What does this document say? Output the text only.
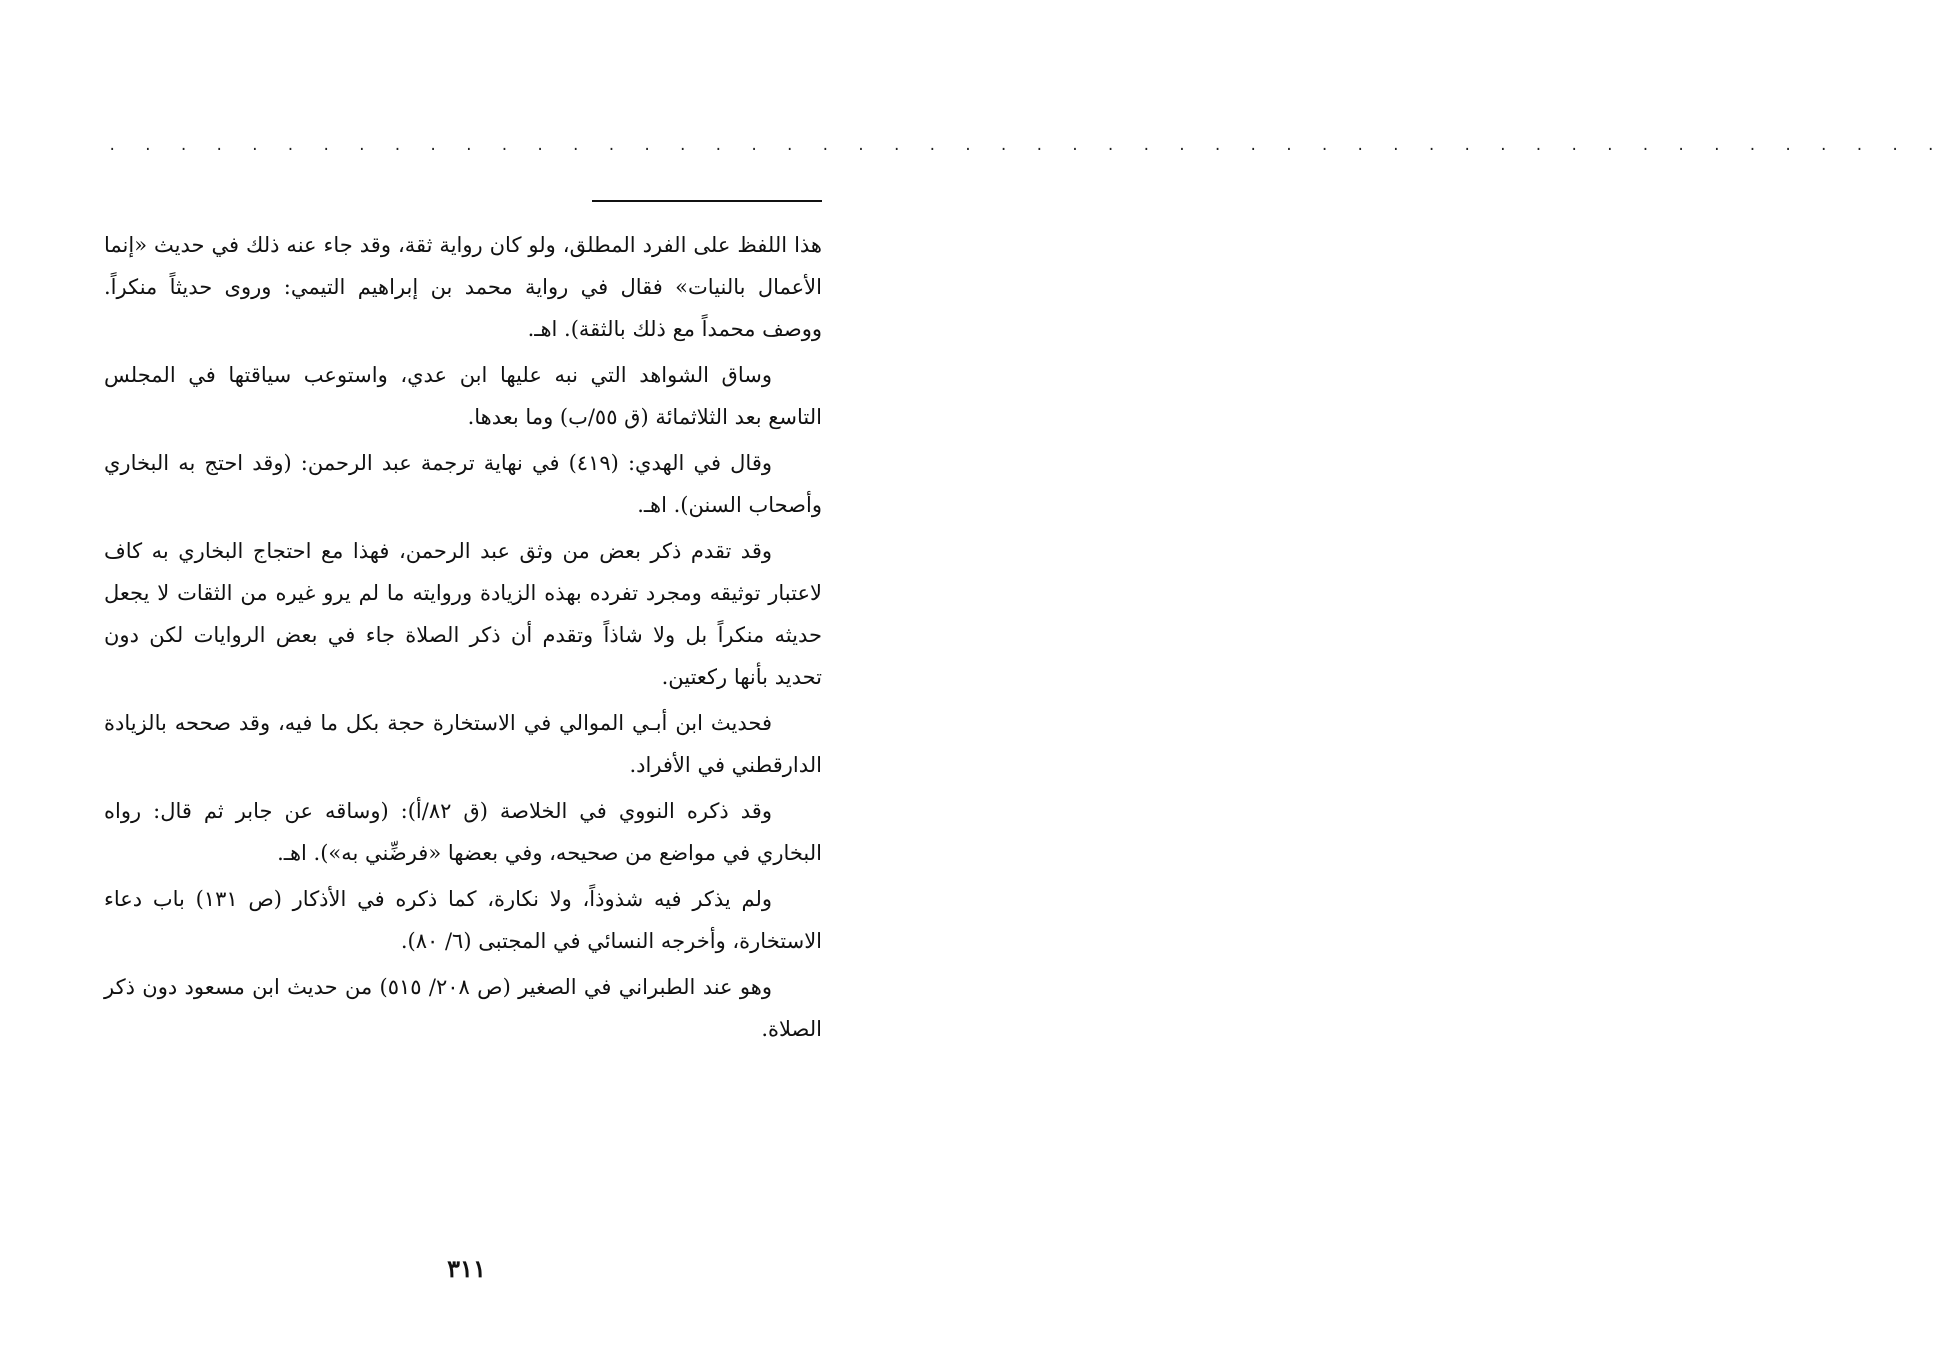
. . . . . . . . . . . . . . . . . . . . . . . . . . . . . . . . . . . . . . . . . . . . . . . . . . . .

هذا اللفظ على الفرد المطلق، ولو كان رواية ثقة، وقد جاء عنه ذلك في حديث «إنما الأعمال بالنيات» فقال في رواية محمد بن إبراهيم التيمي: وروى حديثاً منكراً. ووصف محمداً مع ذلك بالثقة). اهـ.

وساق الشواهد التي نبه عليها ابن عدي، واستوعب سياقتها في المجلس التاسع بعد الثلاثمائة (ق ٥٥/ب) وما بعدها.

وقال في الهدي: (٤١٩) في نهاية ترجمة عبد الرحمن: (وقد احتج به البخاري وأصحاب السنن). اهـ.

وقد تقدم ذكر بعض من وثق عبد الرحمن، فهذا مع احتجاج البخاري به كاف لاعتبار توثيقه ومجرد تفرده بهذه الزيادة وروايته ما لم يرو غيره من الثقات لا يجعل حديثه منكراً بل ولا شاذاً وتقدم أن ذكر الصلاة جاء في بعض الروايات لكن دون تحديد بأنها ركعتين.

فحديث ابن أبـي الموالي في الاستخارة حجة بكل ما فيه، وقد صححه بالزيادة الدارقطني في الأفراد.

وقد ذكره النووي في الخلاصة (ق ٨٢/أ): (وساقه عن جابر ثم قال: رواه البخاري في مواضع من صحيحه، وفي بعضها «فرضِّني به»). اهـ.

ولم يذكر فيه شذوذاً، ولا نكارة، كما ذكره في الأذكار (ص ١٣١) باب دعاء الاستخارة، وأخرجه النسائي في المجتبى (٦/ ٨٠).

وهو عند الطبراني في الصغير (ص ٢٠٨/ ٥١٥) من حديث ابن مسعود دون ذكر الصلاة.

٣١١
